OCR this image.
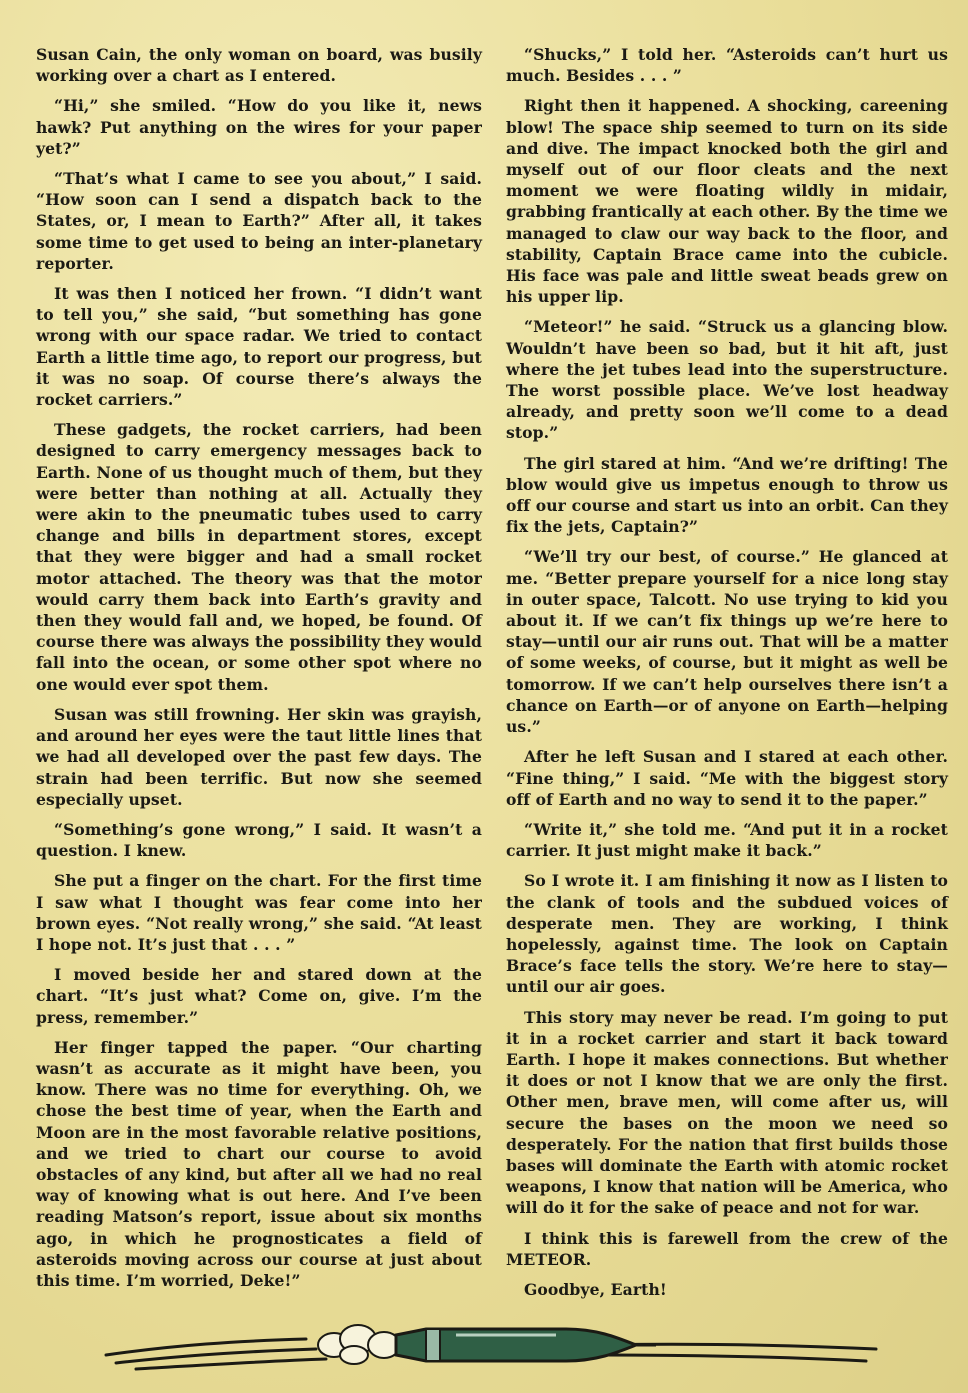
Susan Cain, the only woman on board, was busily working over a chart as I entered.

“Hi,” she smiled. “How do you like it, news hawk? Put anything on the wires for your paper yet?”

“That’s what I came to see you about,” I said. “How soon can I send a dispatch back to the States, or, I mean to Earth?” After all, it takes some time to get used to being an inter-planetary reporter.

It was then I noticed her frown. “I didn’t want to tell you,” she said, “but something has gone wrong with our space radar. We tried to contact Earth a little time ago, to report our progress, but it was no soap. Of course there’s always the rocket carriers.”

These gadgets, the rocket carriers, had been designed to carry emergency messages back to Earth. None of us thought much of them, but they were better than nothing at all. Actually they were akin to the pneumatic tubes used to carry change and bills in department stores, except that they were bigger and had a small rocket motor attached. The theory was that the motor would carry them back into Earth’s gravity and then they would fall and, we hoped, be found. Of course there was always the possibility they would fall into the ocean, or some other spot where no one would ever spot them.

Susan was still frowning. Her skin was grayish, and around her eyes were the taut little lines that we had all developed over the past few days. The strain had been terrific. But now she seemed especially upset.

“Something’s gone wrong,” I said. It wasn’t a question. I knew.

She put a finger on the chart. For the first time I saw what I thought was fear come into her brown eyes. “Not really wrong,” she said. “At least I hope not. It’s just that . . . ”

I moved beside her and stared down at the chart. “It’s just what? Come on, give. I’m the press, remember.”

Her finger tapped the paper. “Our charting wasn’t as accurate as it might have been, you know. There was no time for everything. Oh, we chose the best time of year, when the Earth and Moon are in the most favorable relative positions, and we tried to chart our course to avoid obstacles of any kind, but after all we had no real way of knowing what is out here. And I’ve been reading Matson’s report, issue about six months ago, in which he prognosticates a field of asteroids moving across our course at just about this time. I’m worried, Deke!”

“Shucks,” I told her. “Asteroids can’t hurt us much. Besides . . . ”

Right then it happened. A shocking, careening blow! The space ship seemed to turn on its side and dive. The impact knocked both the girl and myself out of our floor cleats and the next moment we were floating wildly in midair, grabbing frantically at each other. By the time we managed to claw our way back to the floor, and stability, Captain Brace came into the cubicle. His face was pale and little sweat beads grew on his upper lip.

“Meteor!” he said. “Struck us a glancing blow. Wouldn’t have been so bad, but it hit aft, just where the jet tubes lead into the superstructure. The worst possible place. We’ve lost headway already, and pretty soon we’ll come to a dead stop.”

The girl stared at him. “And we’re drifting! The blow would give us impetus enough to throw us off our course and start us into an orbit. Can they fix the jets, Captain?”

“We’ll try our best, of course.” He glanced at me. “Better prepare yourself for a nice long stay in outer space, Talcott. No use trying to kid you about it. If we can’t fix things up we’re here to stay—until our air runs out. That will be a matter of some weeks, of course, but it might as well be tomorrow. If we can’t help ourselves there isn’t a chance on Earth—or of anyone on Earth—helping us.”

After he left Susan and I stared at each other. “Fine thing,” I said. “Me with the biggest story off of Earth and no way to send it to the paper.”

“Write it,” she told me. “And put it in a rocket carrier. It just might make it back.”

So I wrote it. I am finishing it now as I listen to the clank of tools and the subdued voices of desperate men. They are working, I think hopelessly, against time. The look on Captain Brace’s face tells the story. We’re here to stay—until our air goes.

This story may never be read. I’m going to put it in a rocket carrier and start it back toward Earth. I hope it makes connections. But whether it does or not I know that we are only the first. Other men, brave men, will come after us, will secure the bases on the moon we need so desperately. For the nation that first builds those bases will dominate the Earth with atomic rocket weapons, I know that nation will be America, who will do it for the sake of peace and not for war.

I think this is farewell from the crew of the METEOR.

Goodbye, Earth!
